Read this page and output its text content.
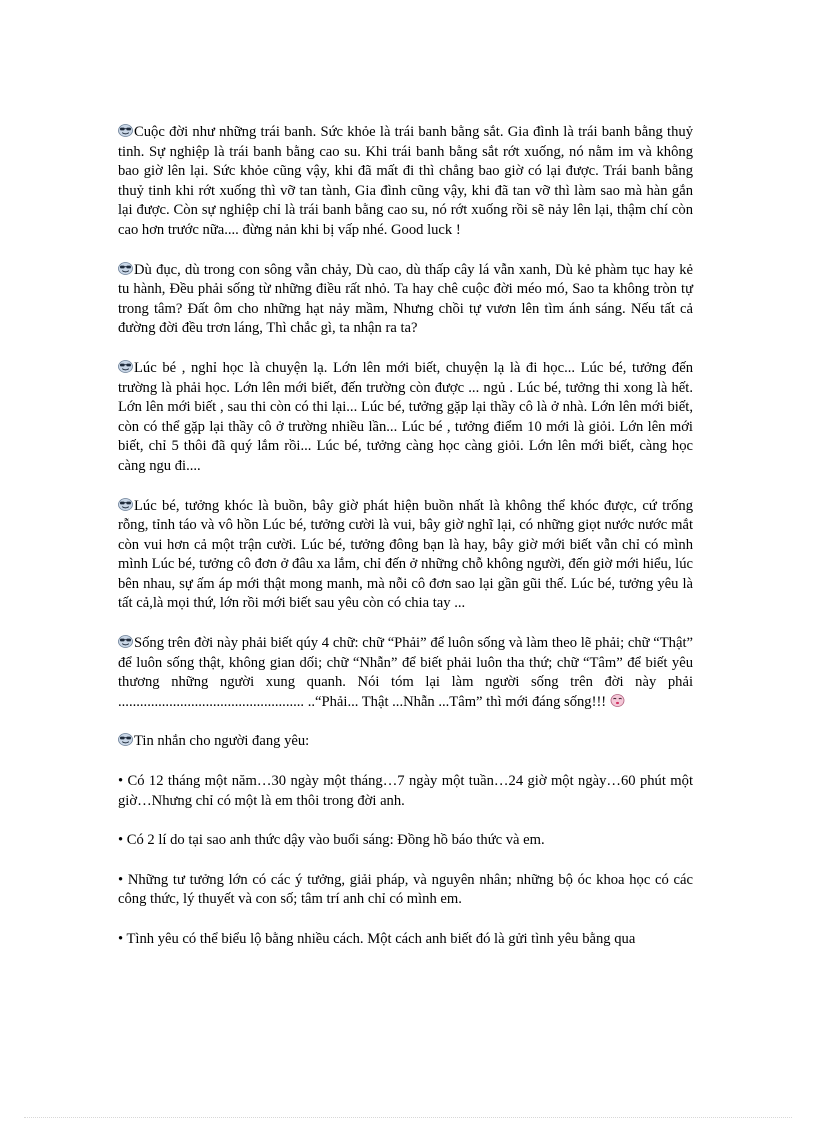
Cuộc đời như những trái banh. Sức khỏe là trái banh bằng sắt. Gia đình là trái banh bằng thuỷ tinh. Sự nghiệp là trái banh bằng cao su. Khi trái banh bằng sắt rớt xuống, nó nằm im và không bao giờ lên lại. Sức khỏe cũng vậy, khi đã mất đi thì chẳng bao giờ có lại được. Trái banh bằng thuỷ tinh khi rớt xuống thì vỡ tan tành, Gia đình cũng vậy, khi đã tan vỡ thì làm sao mà hàn gắn lại được. Còn sự nghiệp chỉ là trái banh bằng cao su, nó rớt xuống rồi sẽ nảy lên lại, thậm chí còn cao hơn trước nữa.... đừng nản khi bị vấp nhé. Good luck !

Dù đục, dù trong con sông vẫn chảy, Dù cao, dù thấp cây lá vẫn xanh, Dù kẻ phàm tục hay kẻ tu hành, Đều phải sống từ những điều rất nhỏ. Ta hay chê cuộc đời méo mó, Sao ta không tròn tự trong tâm? Đất ôm cho những hạt nảy mầm, Nhưng chồi tự vươn lên tìm ánh sáng. Nếu tất cả đường đời đều trơn láng, Thì chắc gì, ta nhận ra ta?

Lúc bé , nghỉ học là chuyện lạ. Lớn lên mới biết, chuyện lạ là đi học... Lúc bé, tưởng đến trường là phải học. Lớn lên mới biết, đến trường còn được ... ngủ . Lúc bé, tưởng thi xong là hết. Lớn lên mới biết , sau thi còn có thi lại... Lúc bé, tưởng gặp lại thầy cô là ở nhà. Lớn lên mới biết, còn có thể gặp lại thầy cô ở trường nhiều lần... Lúc bé , tưởng điểm 10 mới là giỏi. Lớn lên mới biết, chỉ 5 thôi đã quý lắm rồi... Lúc bé, tưởng càng học càng giỏi. Lớn lên mới biết, càng học càng ngu đi....

Lúc bé, tưởng khóc là buồn, bây giờ phát hiện buồn nhất là không thể khóc được, cứ trống rỗng, tỉnh táo và vô hồn Lúc bé, tưởng cười là vui, bây giờ nghĩ lại, có những giọt nước nước mắt còn vui hơn cả một trận cười. Lúc bé, tưởng đông bạn là hay, bây giờ mới biết vẫn chỉ có mình mình Lúc bé, tưởng cô đơn ở đâu xa lắm, chỉ đến ở những chỗ không người, đến giờ mới hiểu, lúc bên nhau, sự ấm áp mới thật mong manh, mà nỗi cô đơn sao lại gần gũi thế. Lúc bé, tưởng yêu là tất cả,là mọi thứ, lớn rồi mới biết sau yêu còn có chia tay ...

Sống trên đời này phải biết qúy 4 chữ: chữ “Phải” để luôn sống và làm theo lẽ phải; chữ “Thật” để luôn sống thật, không gian dối; chữ “Nhẫn” để biết phải luôn tha thứ; chữ “Tâm” để biết yêu thương những người xung quanh. Nói tóm lại làm người sống trên đời này phải ................................................... ..“Phải... Thật ...Nhẫn ...Tâm” thì mới đáng sống!!!

Tin nhắn cho người đang yêu:

• Có 12 tháng một năm…30 ngày một tháng…7 ngày một tuần…24 giờ một ngày…60 phút một giờ…Nhưng chỉ có một là em thôi trong đời anh.

• Có 2 lí do tại sao anh thức dậy vào buổi sáng: Đồng hồ báo thức và em.

• Những tư tưởng lớn có các ý tưởng, giải pháp, và nguyên nhân; những bộ óc khoa học có các công thức, lý thuyết và con số; tâm trí anh chỉ có mình em.

• Tình yêu có thể biểu lộ bằng nhiều cách. Một cách anh biết đó là gửi tình yêu bằng qua
